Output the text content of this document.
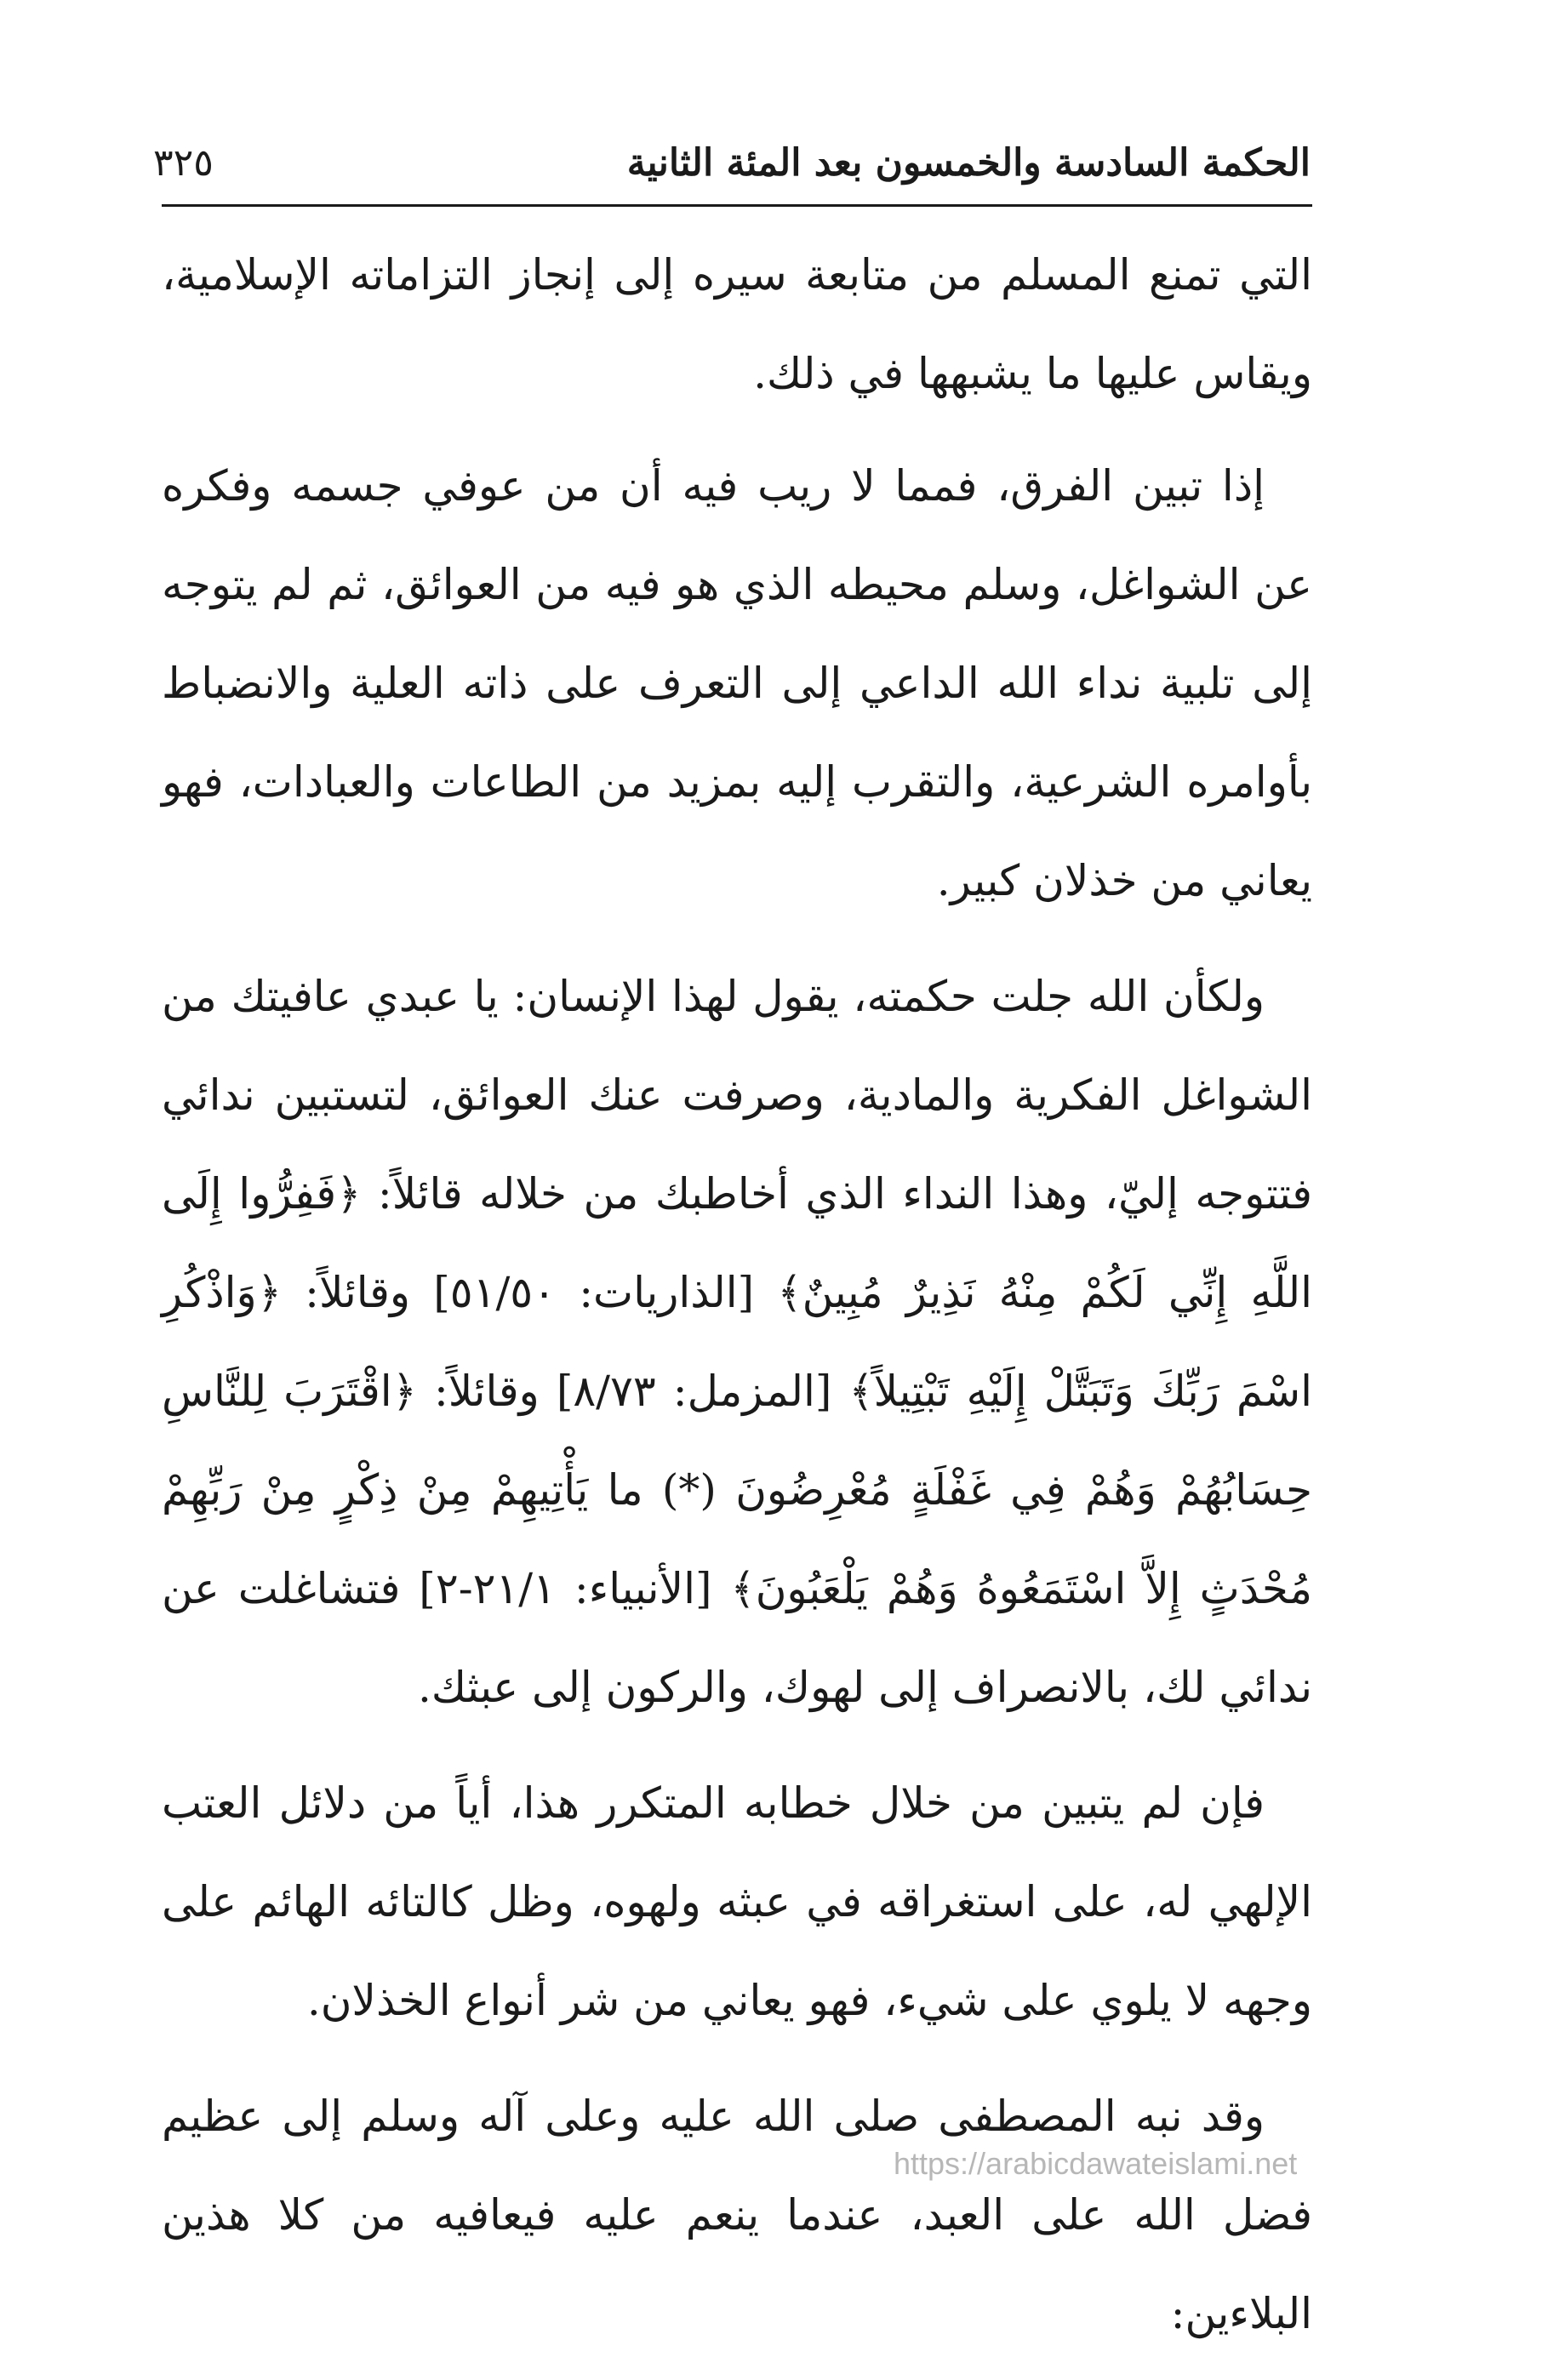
الحكمة السادسة والخمسون بعد المئة الثانية
٣٢٥

التي تمنع المسلم من متابعة سيره إلى إنجاز التزاماته الإسلامية، ويقاس عليها ما يشبهها في ذلك.

إذا تبين الفرق، فمما لا ريب فيه أن من عوفي جسمه وفكره عن الشواغل، وسلم محيطه الذي هو فيه من العوائق، ثم لم يتوجه إلى تلبية نداء الله الداعي إلى التعرف على ذاته العلية والانضباط بأوامره الشرعية، والتقرب إليه بمزيد من الطاعات والعبادات، فهو يعاني من خذلان كبير.

ولكأن الله جلت حكمته، يقول لهذا الإنسان: يا عبدي عافيتك من الشواغل الفكرية والمادية، وصرفت عنك العوائق، لتستبين ندائي فتتوجه إليّ، وهذا النداء الذي أخاطبك من خلاله قائلاً: ﴿فَفِرُّوا إِلَى اللَّهِ إِنِّي لَكُمْ مِنْهُ نَذِيرٌ مُبِينٌ﴾ [الذاريات: ٥١/٥٠] وقائلاً: ﴿وَاذْكُرِ اسْمَ رَبِّكَ وَتَبَتَّلْ إِلَيْهِ تَبْتِيلاً﴾ [المزمل: ٨/٧٣] وقائلاً: ﴿اقْتَرَبَ لِلنَّاسِ حِسَابُهُمْ وَهُمْ فِي غَفْلَةٍ مُعْرِضُونَ (*) ما يَأْتِيهِمْ مِنْ ذِكْرٍ مِنْ رَبِّهِمْ مُحْدَثٍ إِلاَّ اسْتَمَعُوهُ وَهُمْ يَلْعَبُونَ﴾ [الأنبياء: ٢١/١-٢] فتشاغلت عن ندائي لك، بالانصراف إلى لهوك، والركون إلى عبثك.

فإن لم يتبين من خلال خطابه المتكرر هذا، أياً من دلائل العتب الإلهي له، على استغراقه في عبثه ولهوه، وظل كالتائه الهائم على وجهه لا يلوي على شيء، فهو يعاني من شر أنواع الخذلان.

وقد نبه المصطفى صلى الله عليه وعلى آله وسلم إلى عظيم فضل الله على العبد، عندما ينعم عليه فيعافيه من كلا هذين البلاءين:

https://arabicdawateislami.net
